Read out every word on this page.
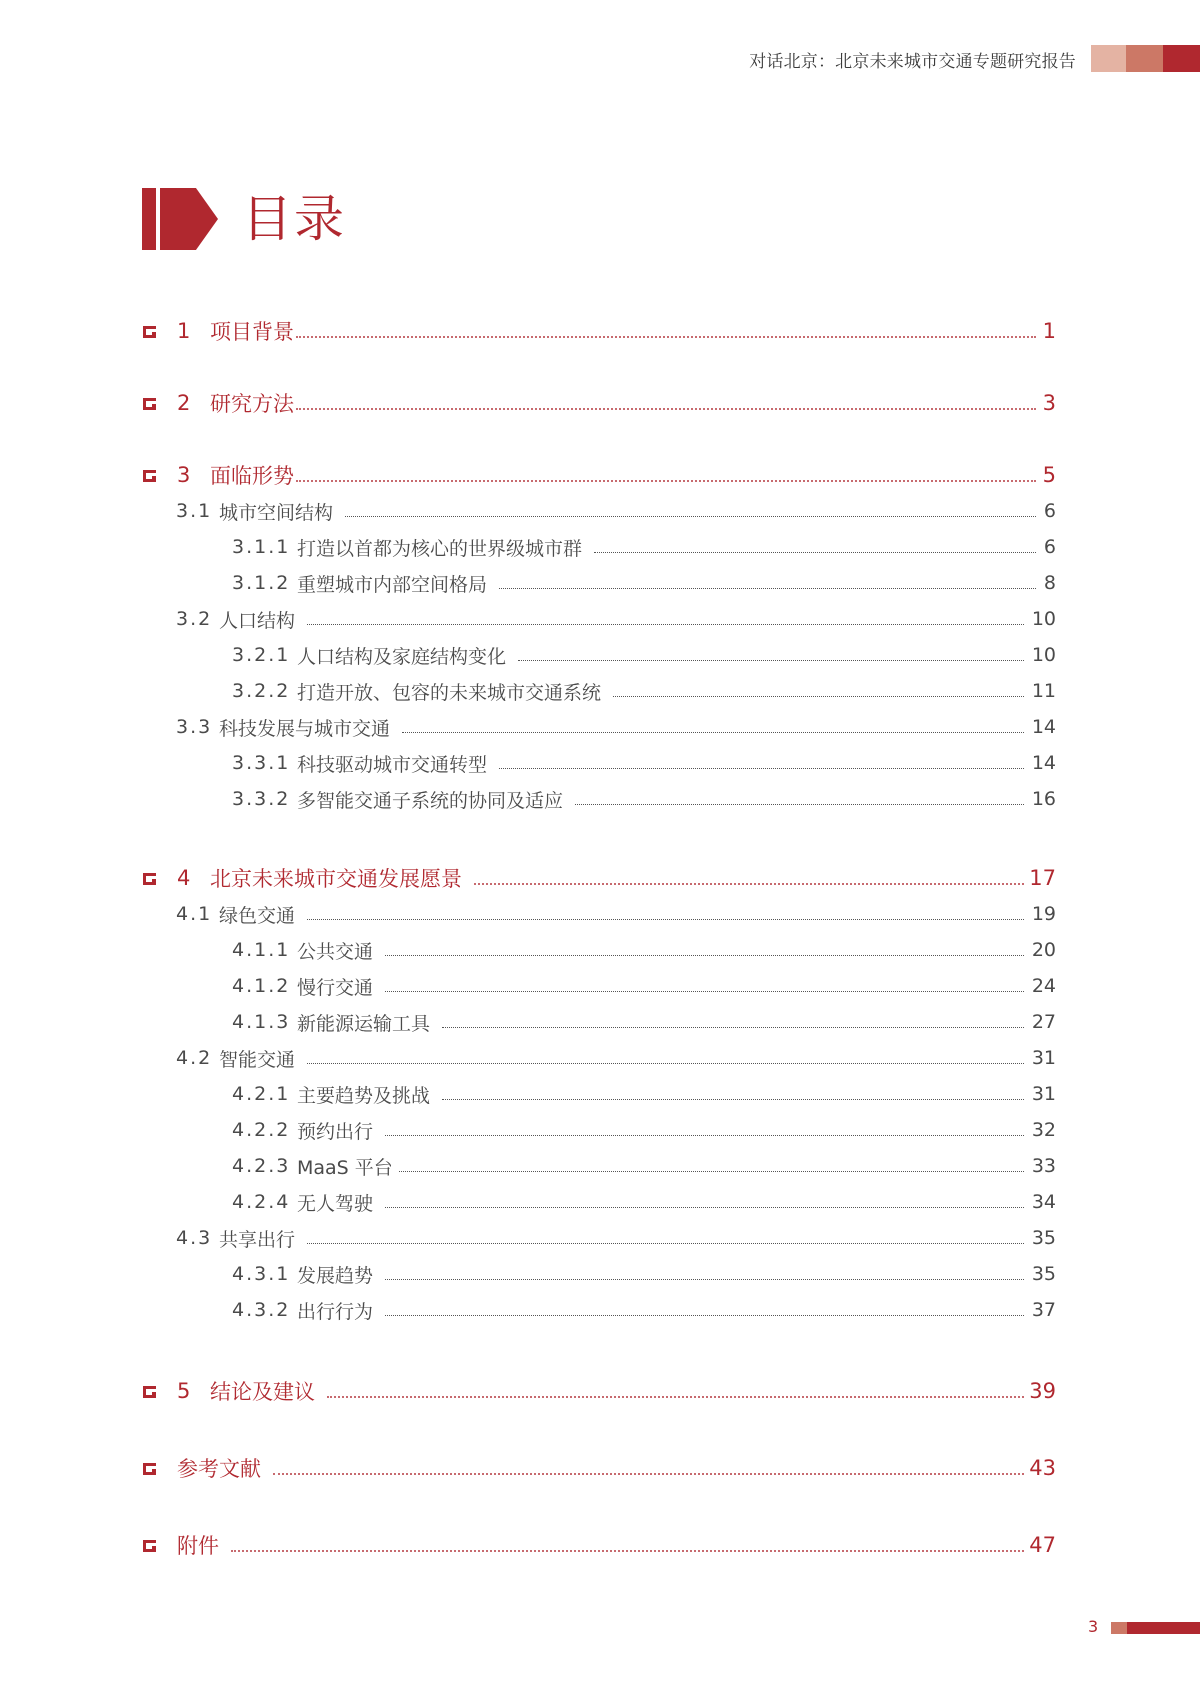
对话北京：北京未来城市交通专题研究报告
目录
1 项目背景	1
2 研究方法	3
3 面临形势	5
3.1 城市空间结构	6
3.1.1 打造以首都为核心的世界级城市群	6
3.1.2 重塑城市内部空间格局	8
3.2 人口结构	10
3.2.1 人口结构及家庭结构变化	10
3.2.2 打造开放、包容的未来城市交通系统	11
3.3 科技发展与城市交通	14
3.3.1 科技驱动城市交通转型	14
3.3.2 多智能交通子系统的协同及适应	16
4 北京未来城市交通发展愿景	17
4.1 绿色交通	19
4.1.1 公共交通	20
4.1.2 慢行交通	24
4.1.3 新能源运输工具	27
4.2 智能交通	31
4.2.1 主要趋势及挑战	31
4.2.2 预约出行	32
4.2.3 MaaS 平台	33
4.2.4 无人驾驶	34
4.3 共享出行	35
4.3.1 发展趋势	35
4.3.2 出行行为	37
5 结论及建议	39
参考文献	43
附件	47
3
